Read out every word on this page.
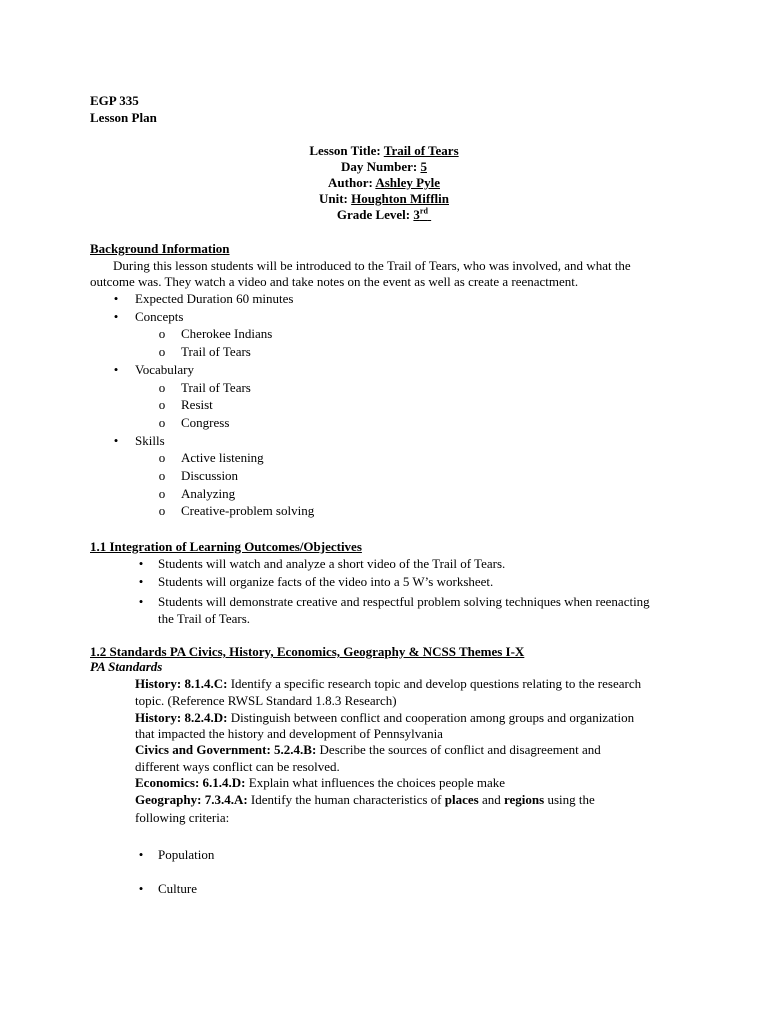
EGP 335
Lesson Plan
Lesson Title: Trail of Tears
Day Number: 5
Author: Ashley Pyle
Unit: Houghton Mifflin
Grade Level: 3rd
Background Information
During this lesson students will be introduced to the Trail of Tears, who was involved, and what the
outcome was. They watch a video and take notes on the event as well as create a reenactment.
• Expected Duration 60 minutes
• Concepts
o Cherokee Indians
o Trail of Tears
• Vocabulary
o Trail of Tears
o Resist
o Congress
• Skills
o Active listening
o Discussion
o Analyzing
o Creative-problem solving
1.1 Integration of Learning Outcomes/Objectives
• Students will watch and analyze a short video of the Trail of Tears.
• Students will organize facts of the video into a 5 W’s worksheet.
• Students will demonstrate creative and respectful problem solving techniques when reenacting
the Trail of Tears.
1.2 Standards PA Civics, History, Economics, Geography & NCSS Themes I-X
PA Standards
History: 8.1.4.C: Identify a specific research topic and develop questions relating to the research
topic. (Reference RWSL Standard 1.8.3 Research)
History: 8.2.4.D: Distinguish between conflict and cooperation among groups and organization
that impacted the history and development of Pennsylvania
Civics and Government: 5.2.4.B: Describe the sources of conflict and disagreement and
different ways conflict can be resolved.
Economics: 6.1.4.D: Explain what influences the choices people make
Geography: 7.3.4.A: Identify the human characteristics of places and regions using the
following criteria:
• Population
• Culture
